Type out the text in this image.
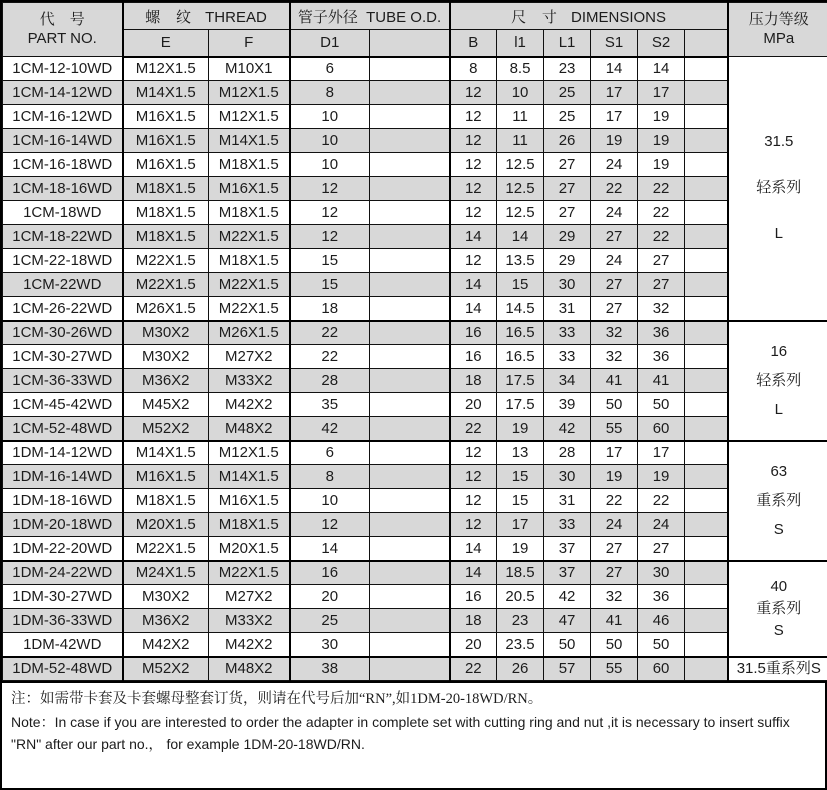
代　号
PART NO.	螺 纹 THREAD		管子外径 TUBE O.D.		尺 寸 DIMENSIONS						压力等级
MPa

	E	F	D1		B	l1	L1	S1	S2		
1CM-12-10WD	M12X1.5	M10X1	6		8	8.5	23	14	14		31.5
轻系列
L

1CM-14-12WD	M14X1.5	M12X1.5	8		12	10	25	17	17		
1CM-16-12WD	M16X1.5	M12X1.5	10		12	11	25	17	19		
1CM-16-14WD	M16X1.5	M14X1.5	10		12	11	26	19	19		
1CM-16-18WD	M16X1.5	M18X1.5	10		12	12.5	27	24	19		
1CM-18-16WD	M18X1.5	M16X1.5	12		12	12.5	27	22	22		
1CM-18WD	M18X1.5	M18X1.5	12		12	12.5	27	24	22		
1CM-18-22WD	M18X1.5	M22X1.5	12		14	14	29	27	22		
1CM-22-18WD	M22X1.5	M18X1.5	15		12	13.5	29	24	27		
1CM-22WD	M22X1.5	M22X1.5	15		14	15	30	27	27		
1CM-26-22WD	M26X1.5	M22X1.5	18		14	14.5	31	27	32		
1CM-30-26WD	M30X2	M26X1.5	22		16	16.5	33	32	36		16
轻系列
L

1CM-30-27WD	M30X2	M27X2	22		16	16.5	33	32	36		
1CM-36-33WD	M36X2	M33X2	28		18	17.5	34	41	41		
1CM-45-42WD	M45X2	M42X2	35		20	17.5	39	50	50		
1CM-52-48WD	M52X2	M48X2	42		22	19	42	55	60		
1DM-14-12WD	M14X1.5	M12X1.5	6		12	13	28	17	17		63
重系列
S

1DM-16-14WD	M16X1.5	M14X1.5	8		12	15	30	19	19		
1DM-18-16WD	M18X1.5	M16X1.5	10		12	15	31	22	22		
1DM-20-18WD	M20X1.5	M18X1.5	12		12	17	33	24	24		
1DM-22-20WD	M22X1.5	M20X1.5	14		14	19	37	27	27		
1DM-24-22WD	M24X1.5	M22X1.5	16		14	18.5	37	27	30		40
重系列
S

1DM-30-27WD	M30X2	M27X2	20		16	20.5	42	32	36		
1DM-36-33WD	M36X2	M33X2	25		18	23	47	41	46		
1DM-42WD	M42X2	M42X2	30		20	23.5	50	50	50		
1DM-52-48WD	M52X2	M48X2	38		22	26	57	55	60		31.5重系列S
注：如需带卡套及卡套螺母整套订货，则请在代号后加“RN”,如1DM-20-18WD/RN。
Note：In case if you are interested to order the adapter in complete set with cutting ring and nut ,it is necessary to insert suffix
"RN" after our part no.， for example 1DM-20-18WD/RN.
